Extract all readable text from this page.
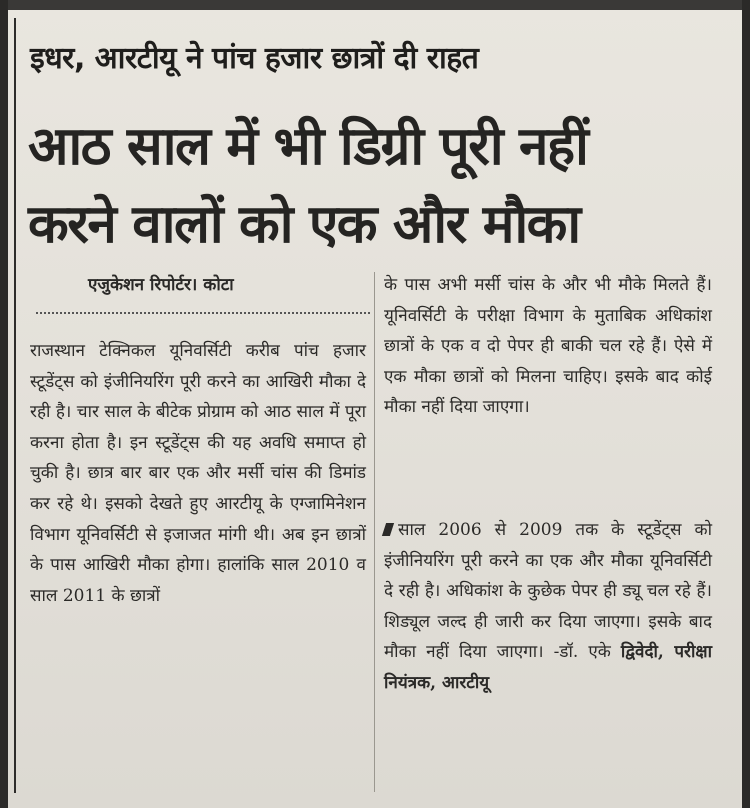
इधर, आरटीयू ने पांच हजार छात्रों दी राहत
आठ साल में भी डिग्री पूरी नहीं
करने वालों को एक और मौका
एजुकेशन रिपोर्टर। कोटा
राजस्थान टेक्निकल यूनिवर्सिटी करीब पांच हजार स्टूडेंट्स को इंजीनियरिंग पूरी करने का आखिरी मौका दे रही है। चार साल के बीटेक प्रोग्राम को आठ साल में पूरा करना होता है। इन स्टूडेंट्स की यह अवधि समाप्त हो चुकी है। छात्र बार बार एक और मर्सी चांस की डिमांड कर रहे थे। इसको देखते हुए आरटीयू के एग्जामिनेशन विभाग यूनिवर्सिटी से इजाजत मांगी थी। अब इन छात्रों के पास आखिरी मौका होगा। हालांकि साल 2010 व साल 2011 के छात्रों
के पास अभी मर्सी चांस के और भी मौके मिलते हैं। यूनिवर्सिटी के परीक्षा विभाग के मुताबिक अधिकांश छात्रों के एक व दो पेपर ही बाकी चल रहे हैं। ऐसे में एक मौका छात्रों को मिलना चाहिए। इसके बाद कोई मौका नहीं दिया जाएगा।
साल 2006 से 2009 तक के स्टूडेंट्स को इंजीनियरिंग पूरी करने का एक और मौका यूनिवर्सिटी दे रही है। अधिकांश के कुछेक पेपर ही ड्यू चल रहे हैं। शिड्यूल जल्द ही जारी कर दिया जाएगा। इसके बाद मौका नहीं दिया जाएगा। -डॉ. एके द्विवेदी, परीक्षा नियंत्रक, आरटीयू
